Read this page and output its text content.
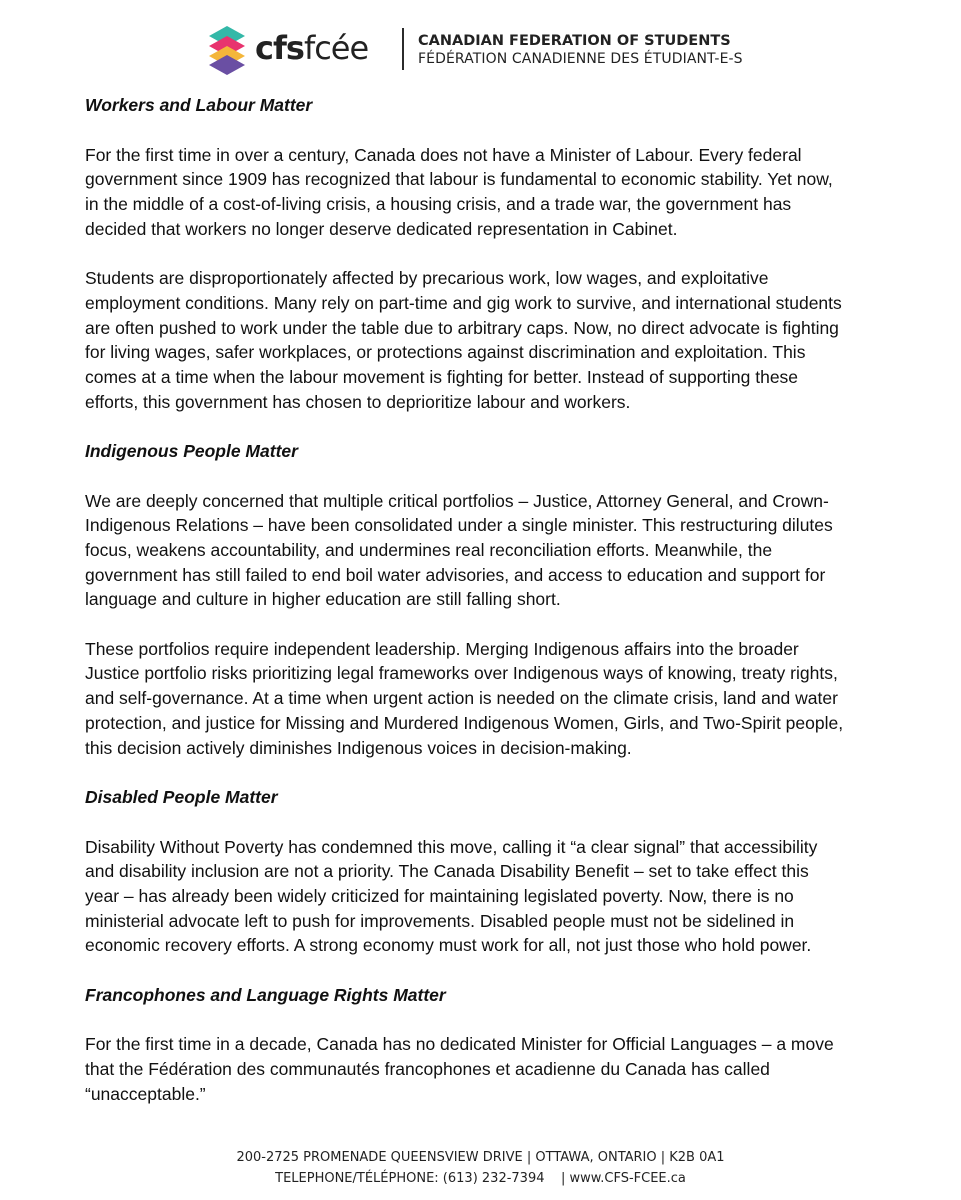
cfsfcée	CANADIAN FEDERATION OF STUDENTS
FÉDÉRATION CANADIENNE DES ÉTUDIANT-E-S
Workers and Labour Matter
For the first time in over a century, Canada does not have a Minister of Labour. Every federal
government since 1909 has recognized that labour is fundamental to economic stability. Yet now,
in the middle of a cost-of-living crisis, a housing crisis, and a trade war, the government has
decided that workers no longer deserve dedicated representation in Cabinet.
Students are disproportionately affected by precarious work, low wages, and exploitative
employment conditions. Many rely on part-time and gig work to survive, and international students
are often pushed to work under the table due to arbitrary caps. Now, no direct advocate is fighting
for living wages, safer workplaces, or protections against discrimination and exploitation. This
comes at a time when the labour movement is fighting for better. Instead of supporting these
efforts, this government has chosen to deprioritize labour and workers.
Indigenous People Matter
We are deeply concerned that multiple critical portfolios – Justice, Attorney General, and Crown-
Indigenous Relations – have been consolidated under a single minister. This restructuring dilutes
focus, weakens accountability, and undermines real reconciliation efforts. Meanwhile, the
government has still failed to end boil water advisories, and access to education and support for
language and culture in higher education are still falling short.
These portfolios require independent leadership. Merging Indigenous affairs into the broader
Justice portfolio risks prioritizing legal frameworks over Indigenous ways of knowing, treaty rights,
and self-governance. At a time when urgent action is needed on the climate crisis, land and water
protection, and justice for Missing and Murdered Indigenous Women, Girls, and Two-Spirit people,
this decision actively diminishes Indigenous voices in decision-making.
Disabled People Matter
Disability Without Poverty has condemned this move, calling it “a clear signal” that accessibility
and disability inclusion are not a priority. The Canada Disability Benefit – set to take effect this
year – has already been widely criticized for maintaining legislated poverty. Now, there is no
ministerial advocate left to push for improvements. Disabled people must not be sidelined in
economic recovery efforts. A strong economy must work for all, not just those who hold power.
Francophones and Language Rights Matter
For the first time in a decade, Canada has no dedicated Minister for Official Languages – a move
that the Fédération des communautés francophones et acadienne du Canada has called
“unacceptable.”
200-2725 PROMENADE QUEENSVIEW DRIVE | OTTAWA, ONTARIO | K2B 0A1
TELEPHONE/TÉLÉPHONE: (613) 232-7394    | www.CFS-FCEE.ca
